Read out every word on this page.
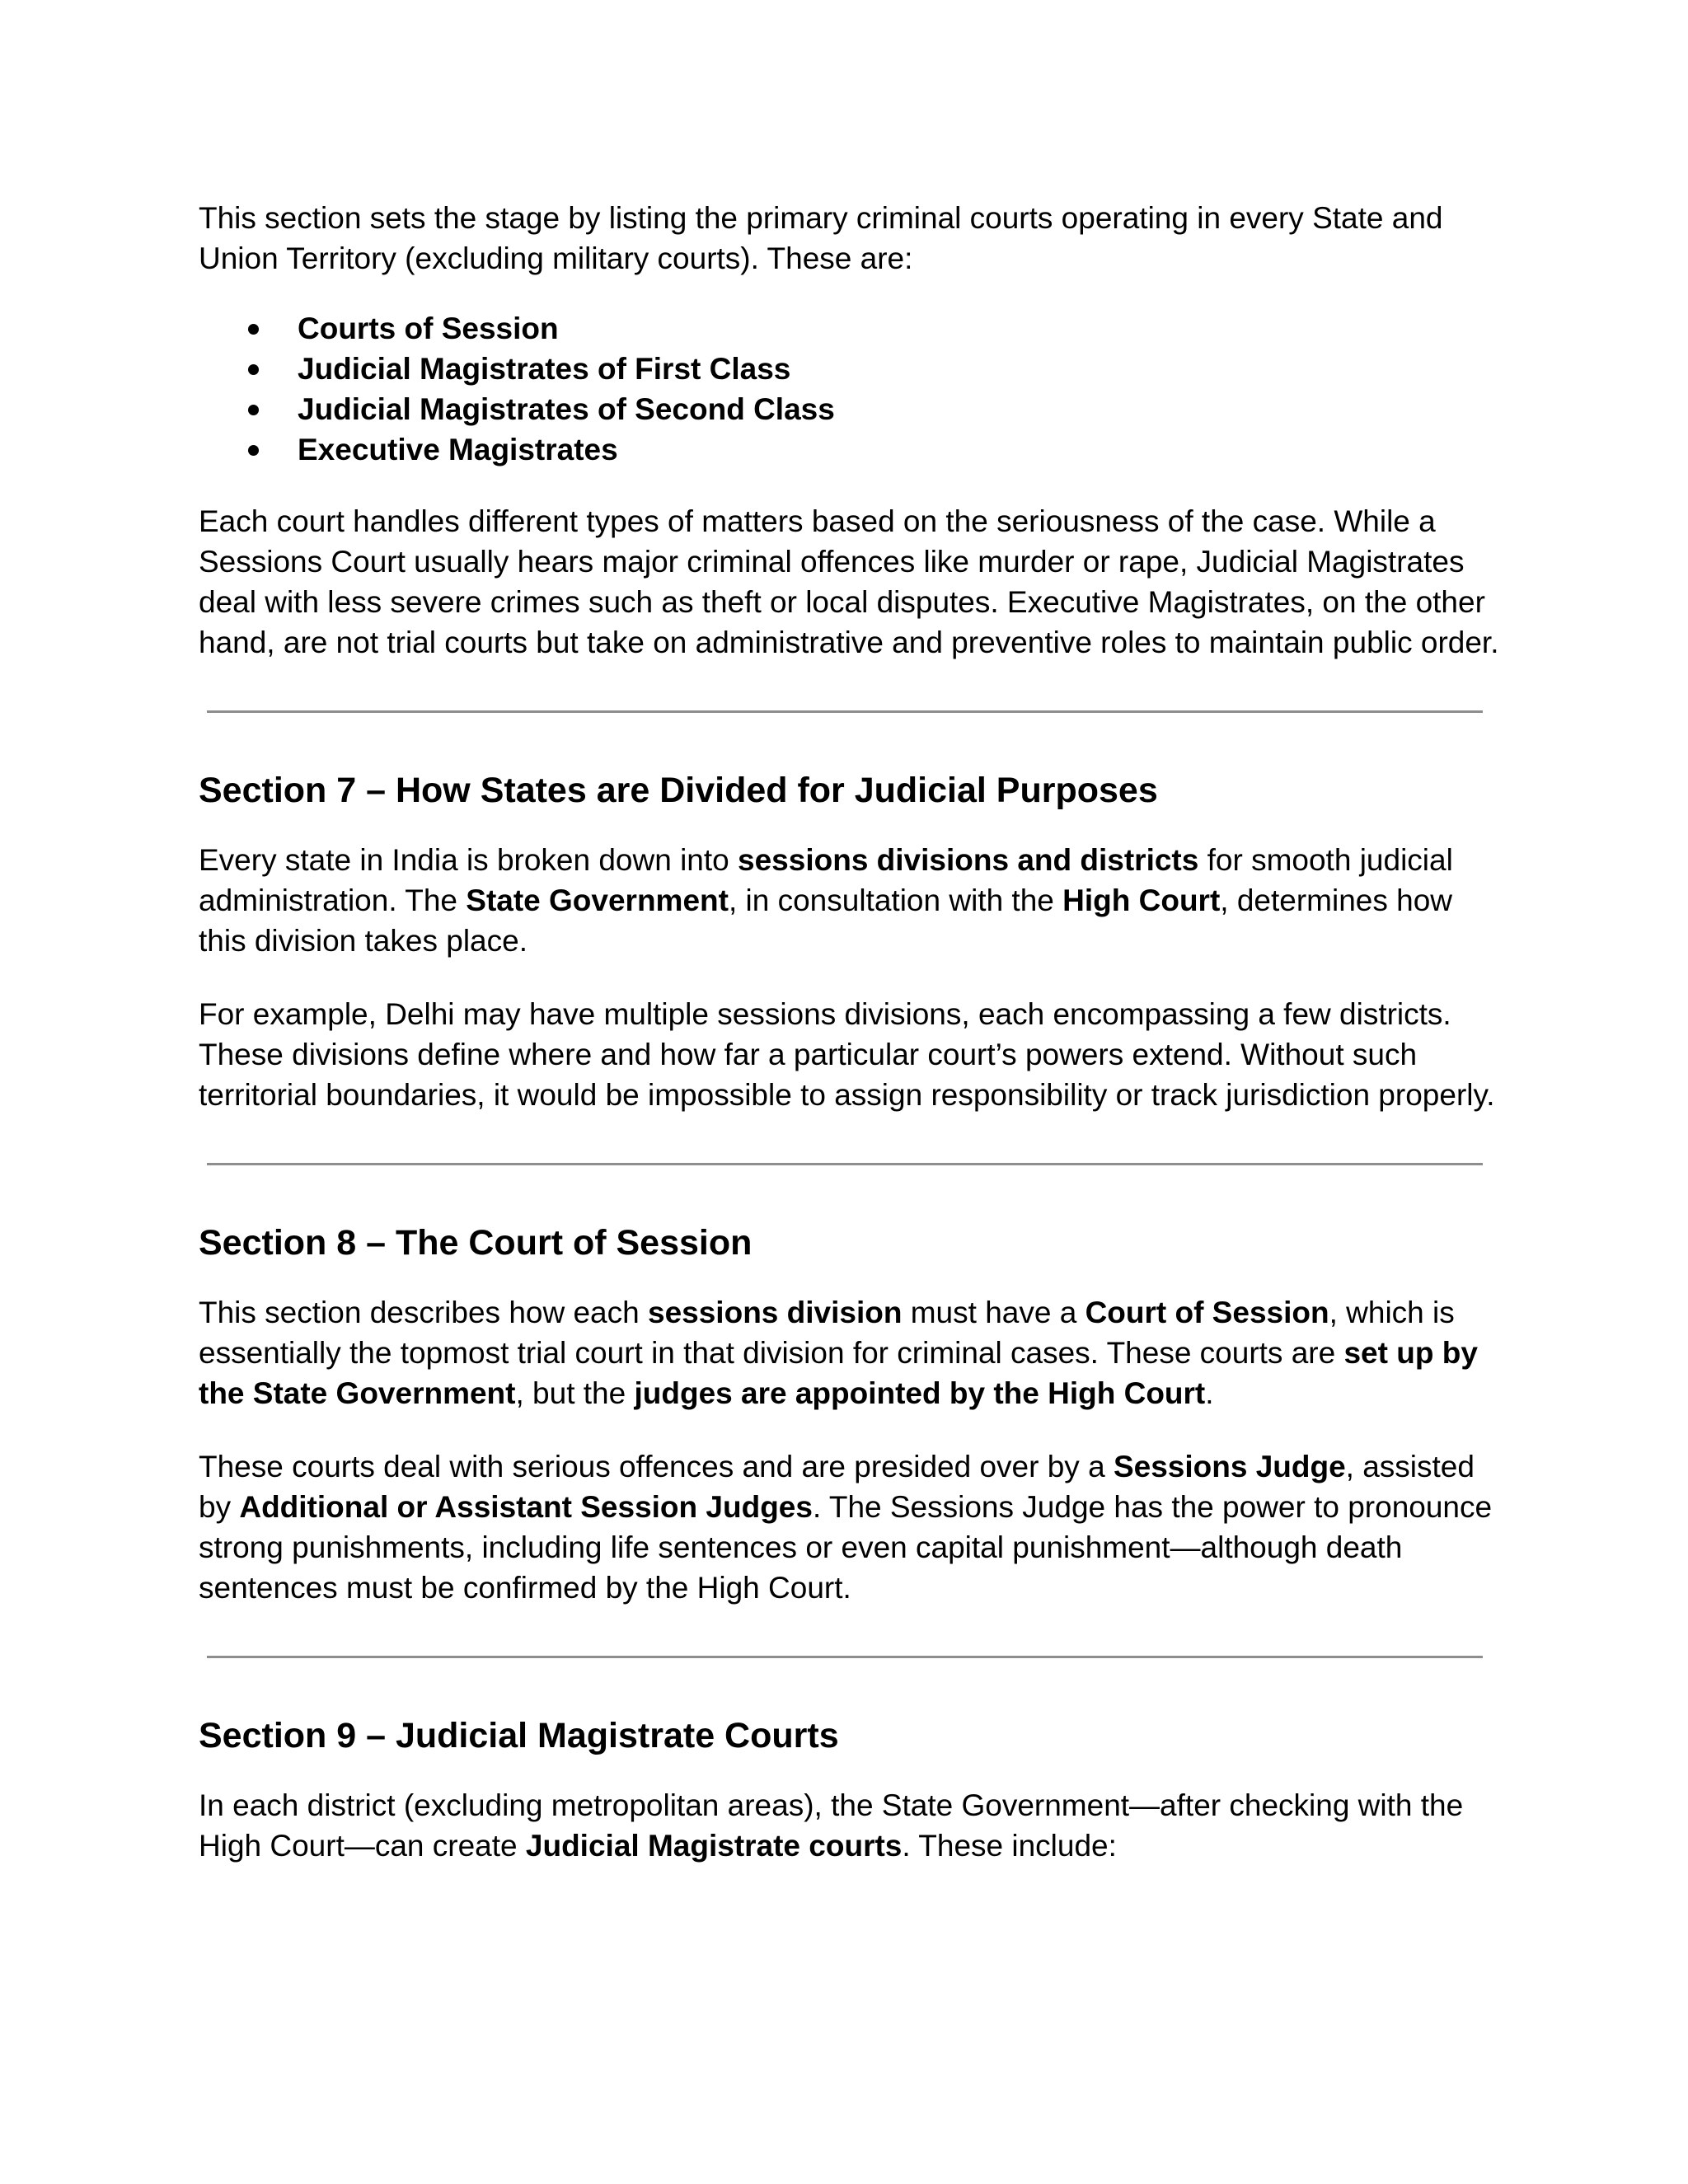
This section sets the stage by listing the primary criminal courts operating in every State and Union Territory (excluding military courts). These are:

Courts of Session
Judicial Magistrates of First Class
Judicial Magistrates of Second Class
Executive Magistrates

Each court handles different types of matters based on the seriousness of the case. While a Sessions Court usually hears major criminal offences like murder or rape, Judicial Magistrates deal with less severe crimes such as theft or local disputes. Executive Magistrates, on the other hand, are not trial courts but take on administrative and preventive roles to maintain public order.

Section 7 – How States are Divided for Judicial Purposes

Every state in India is broken down into sessions divisions and districts for smooth judicial administration. The State Government, in consultation with the High Court, determines how this division takes place.

For example, Delhi may have multiple sessions divisions, each encompassing a few districts. These divisions define where and how far a particular court’s powers extend. Without such territorial boundaries, it would be impossible to assign responsibility or track jurisdiction properly.

Section 8 – The Court of Session

This section describes how each sessions division must have a Court of Session, which is essentially the topmost trial court in that division for criminal cases. These courts are set up by the State Government, but the judges are appointed by the High Court.

These courts deal with serious offences and are presided over by a Sessions Judge, assisted by Additional or Assistant Session Judges. The Sessions Judge has the power to pronounce strong punishments, including life sentences or even capital punishment—although death sentences must be confirmed by the High Court.

Section 9 – Judicial Magistrate Courts

In each district (excluding metropolitan areas), the State Government—after checking with the High Court—can create Judicial Magistrate courts. These include:
